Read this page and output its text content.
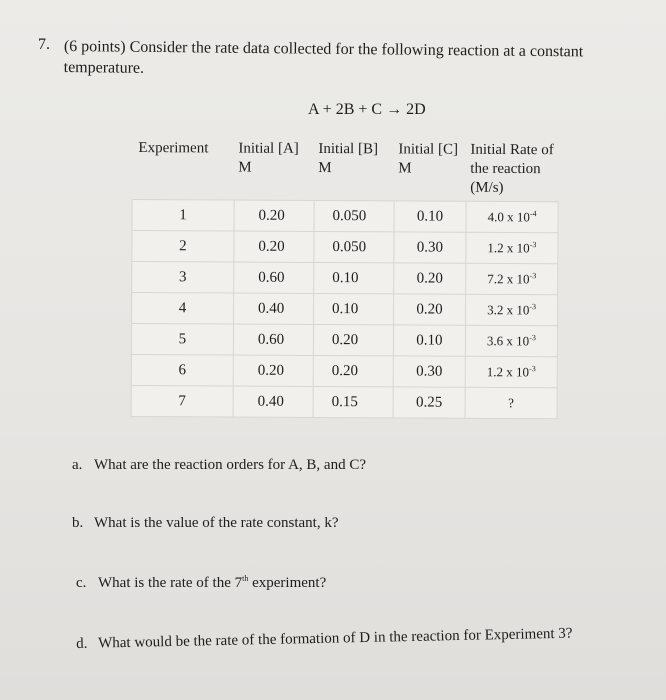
7. (6 points) Consider the rate data collected for the following reaction at a constant temperature.
A + 2B + C → 2D
Experiment	Initial [A] M	Initial [B] M	Initial [C] M	Initial Rate of the reaction (M/s)
1	0.20	0.050	0.10	4.0 x $10^{-4}$
2	0.20	0.050	0.30	1.2 x $10^{-3}$
3	0.60	0.10	0.20	7.2 x $10^{-3}$
4	0.40	0.10	0.20	3.2 x $10^{-3}$
5	0.60	0.20	0.10	3.6 x $10^{-3}$
6	0.20	0.20	0.30	1.2 x $10^{-3}$
7	0.40	0.15	0.25	?
a. What are the reaction orders for A, B, and C?
b. What is the value of the rate constant, k?
c. What is the rate of the 7th experiment?
d. What would be the rate of the formation of D in the reaction for Experiment 3?
